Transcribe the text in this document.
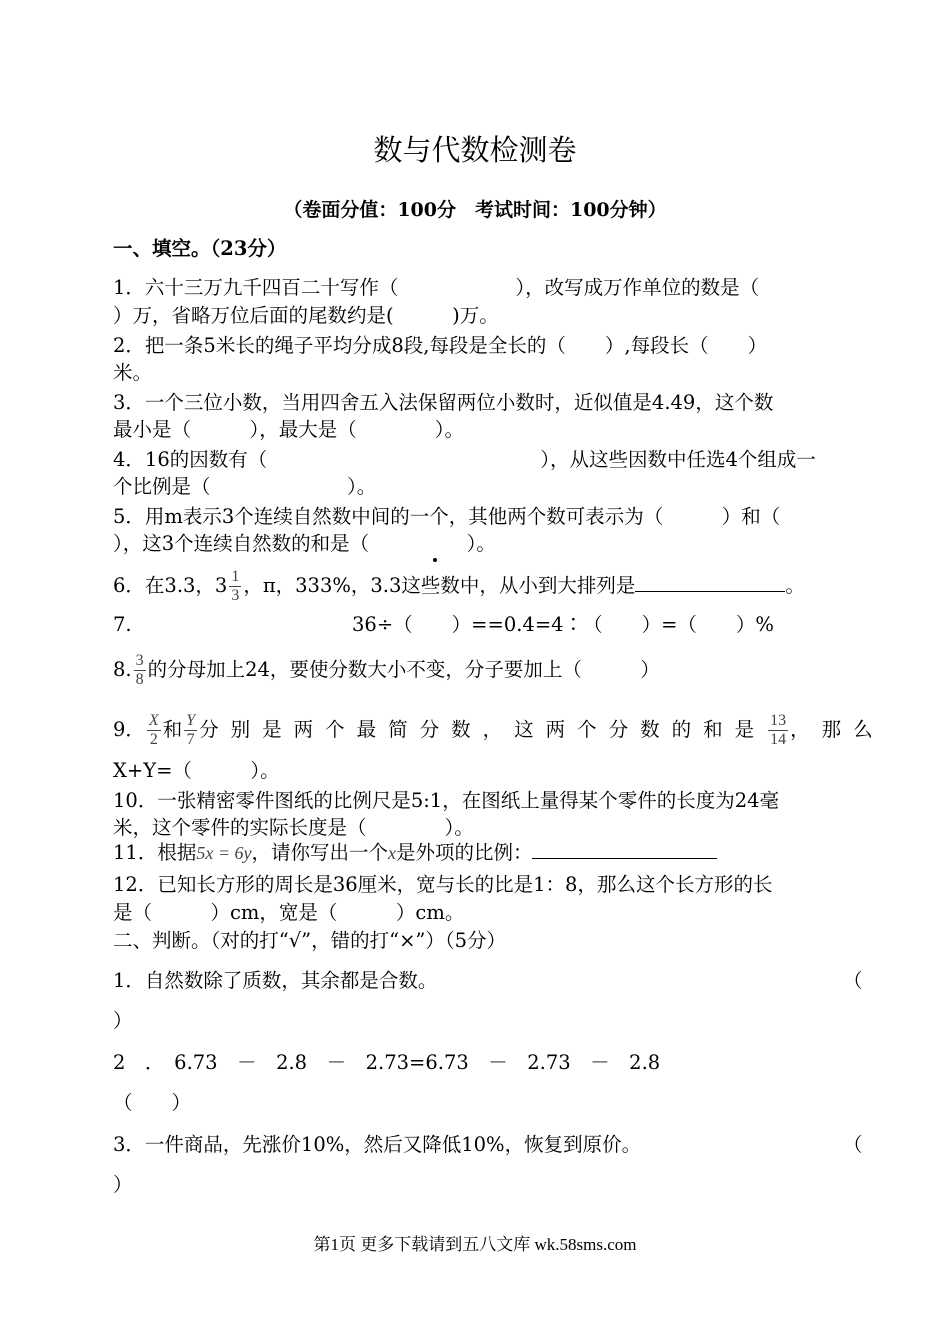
数与代数检测卷
（卷面分值：100分　考试时间：100分钟）
一、填空。（23分）
1．六十三万九千四百二十写作（　　　　　　），改写成万作单位的数是（
）万，省略万位后面的尾数约是(　　　)万。
2．把一条5米长的绳子平均分成8段,每段是全长的（　　）,每段长（　　）
米。
3．一个三位小数，当用四舍五入法保留两位小数时，近似值是4.49，这个数
最小是（　　　），最大是（　　　　）。
4．16的因数有（　　　　　　　　　　　　　　），从这些因数中任选4个组成一
个比例是（　　　　　　　）。
5．用m表示3个连续自然数中间的一个，其他两个数可表示为（　　　）和（
），这3个连续自然数的和是（　　　　　）。
6．在3.3，$3 \frac{1}{3}$ ，π，333%，3.3这些数中，从小到大排列是	。
7.	36÷（　　）==0.4=4∶（　　）=（　　）%
8. $\frac{3}{8}$ 的分母加上24，要使分数大小不变，分子要加上（　　　）
9． $\frac{X}{2}$ 和 $\frac{Y}{7}$ 分别是两个最简分数，这两个分数的和是 $\frac{13}{14}$ ，那么
X+Y=（　　　）。
10．一张精密零件图纸的比例尺是5:1，在图纸上量得某个零件的长度为24毫
米，这个零件的实际长度是（　　　　）。
11．根据5x = 6y，请你写出一个x是外项的比例：
12．已知长方形的周长是36厘米，宽与长的比是1：8，那么这个长方形的长
是（　　　）cm，宽是（　　　）cm。
二、判断。（对的打“√”，错的打“×”）（5分）
1．自然数除了质数，其余都是合数。	（
）
2　．　6.73　－　2.8　－　2.73=6.73　－　2.73　－　2.8
（　　）
3．一件商品，先涨价10%，然后又降低10%，恢复到原价。	（
）
第1页 更多下载请到五八文库 wk.58sms.com
